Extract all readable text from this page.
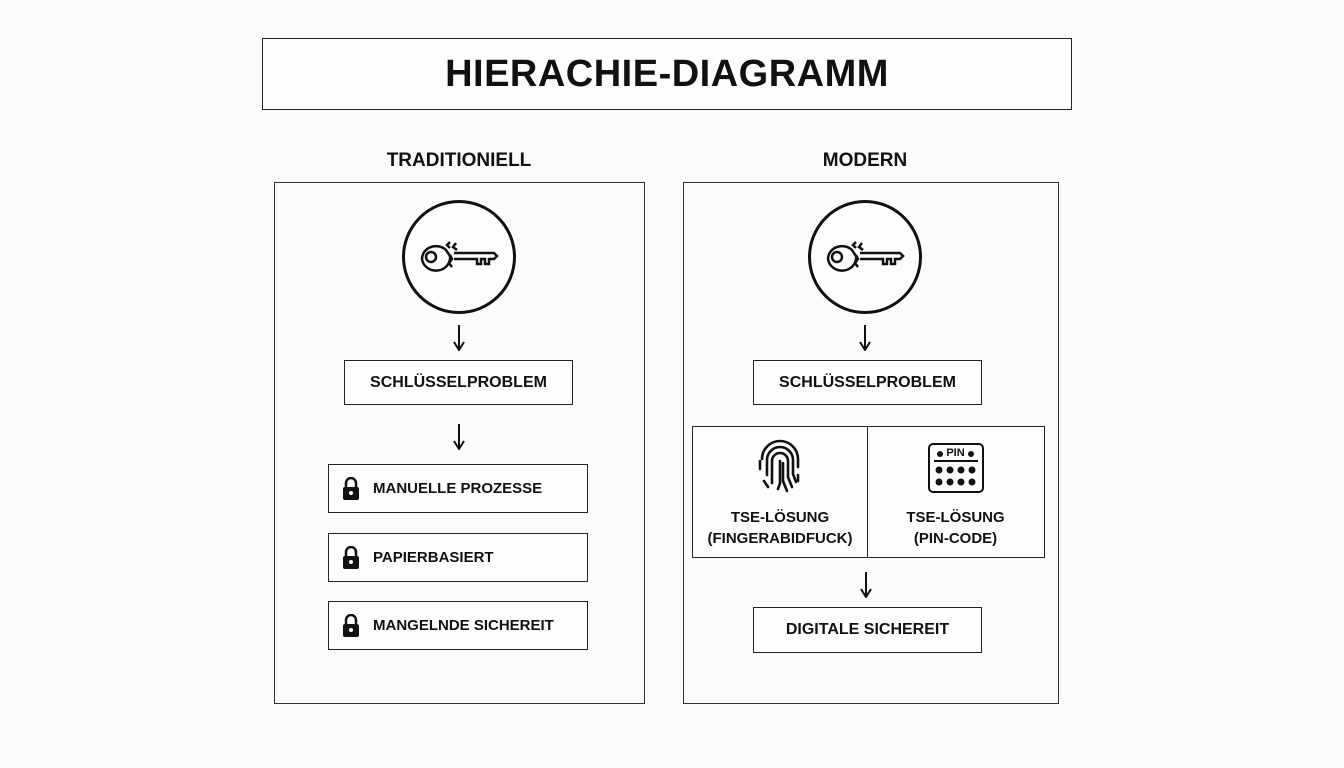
HIERACHIE-DIAGRAMM
TRADITIONIELL
SCHLÜSSELPROBLEM
MANUELLE PROZESSE
PAPIERBASIERT
MANGELNDE SICHEREIT
MODERN
SCHLÜSSELPROBLEM
TSE-LÖSUNG
(FINGERABIDFUCK)
PIN
TSE-LÖSUNG
(PIN-CODE)
DIGITALE SICHEREIT
